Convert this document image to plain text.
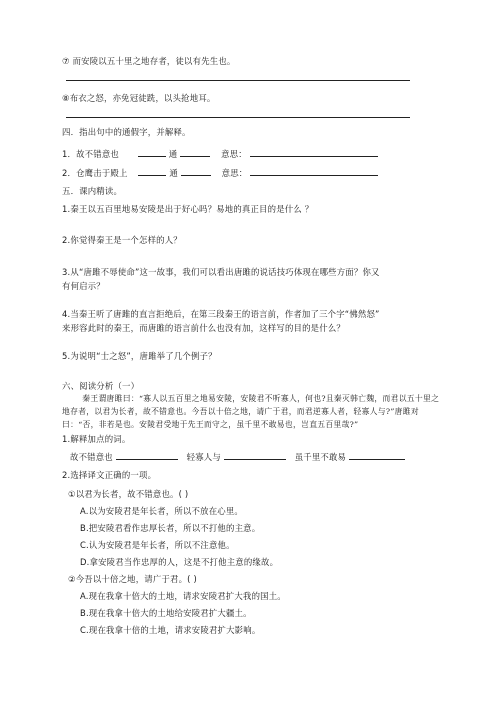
⑦ 而安陵以五十里之地存者，徒以有先生也。
⑧布衣之怒，亦免冠徒跣，以头抢地耳。
四．指出句中的通假字，并解释。
1．故不错意也	通	意思：
2．仓鹰击于殿上	通	意思：
五．课内精读。
1.秦王以五百里地易安陵是出于好心吗？易地的真正目的是什么 ？
2.你觉得秦王是一个怎样的人？
3.从“唐雎不辱使命”这一故事，我们可以看出唐雎的说话技巧体现在哪些方面？你又
有何启示？
4.当秦王听了唐雎的直言拒绝后，在第三段秦王的语言前，作者加了三个字“怫然怒”
来形容此时的秦王，而唐雎的语言前什么也没有加，这样写的目的是什么？
5.为说明“士之怒”，唐雎举了几个例子？
六、阅读分析（一）
秦王谓唐雎曰：“寡人以五百里之地易安陵，安陵君不听寡人，何也?且秦灭韩亡魏，而君以五十里之地存者，以君为长者，故不错意也。今吾以十倍之地，请广于君，而君逆寡人者，轻寡人与?”唐雎对曰：“否，非若是也。安陵君受地于先王而守之，虽千里不敢易也，岂直五百里哉?”
1.解释加点的词。
故不错意也	轻寡人与	虽千里不敢易
2.选择译文正确的一项。
①以君为长者，故不错意也。( )
A.以为安陵君是年长者，所以不放在心里。
B.把安陵君看作忠厚长者，所以不打他的主意。
C.认为安陵君是年长者，所以不注意他。
D.拿安陵君当作忠厚的人，这是不打他主意的缘故。
②今吾以十倍之地，请广于君。( )
A.现在我拿十倍大的土地，请求安陵君扩大我的国土。
B.现在我拿十倍大的土地给安陵君扩大疆土。
C.现在我拿十倍的土地，请求安陵君扩大影响。
